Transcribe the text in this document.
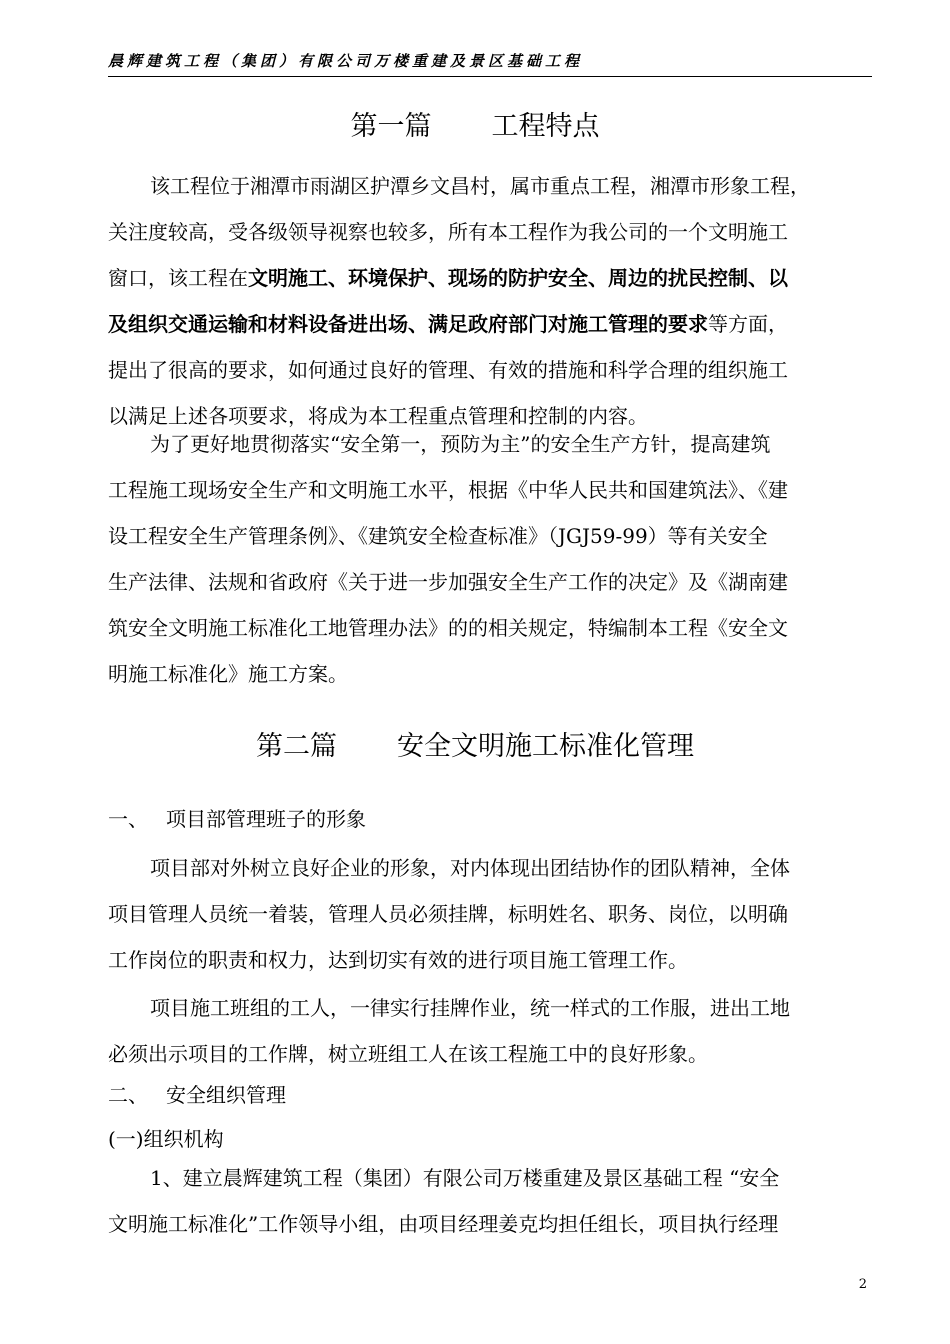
晨辉建筑工程（集团）有限公司万楼重建及景区基础工程
第一篇 工程特点
该工程位于湘潭市雨湖区护潭乡文昌村，属市重点工程，湘潭市形象工程，
关注度较高，受各级领导视察也较多，所有本工程作为我公司的一个文明施工
窗口，该工程在文明施工、环境保护、现场的防护安全、周边的扰民控制、以
及组织交通运输和材料设备进出场、满足政府部门对施工管理的要求等方面，
提出了很高的要求，如何通过良好的管理、有效的措施和科学合理的组织施工
以满足上述各项要求，将成为本工程重点管理和控制的内容。
为了更好地贯彻落实“安全第一，预防为主”的安全生产方针，提高建筑
工程施工现场安全生产和文明施工水平，根据《中华人民共和国建筑法》、《建
设工程安全生产管理条例》、《建筑安全检查标准》（JGJ59-99）等有关安全
生产法律、法规和省政府《关于进一步加强安全生产工作的决定》及《湖南建
筑安全文明施工标准化工地管理办法》的的相关规定，特编制本工程《安全文
明施工标准化》施工方案。
第二篇 安全文明施工标准化管理
一、 项目部管理班子的形象
项目部对外树立良好企业的形象，对内体现出团结协作的团队精神，全体
项目管理人员统一着装，管理人员必须挂牌，标明姓名、职务、岗位，以明确
工作岗位的职责和权力，达到切实有效的进行项目施工管理工作。
项目施工班组的工人，一律实行挂牌作业，统一样式的工作服，进出工地
必须出示项目的工作牌，树立班组工人在该工程施工中的良好形象。
二、 安全组织管理
(一)组织机构
1、建立晨辉建筑工程（集团）有限公司万楼重建及景区基础工程 “安全
文明施工标准化”工作领导小组，由项目经理姜克均担任组长，项目执行经理
2
